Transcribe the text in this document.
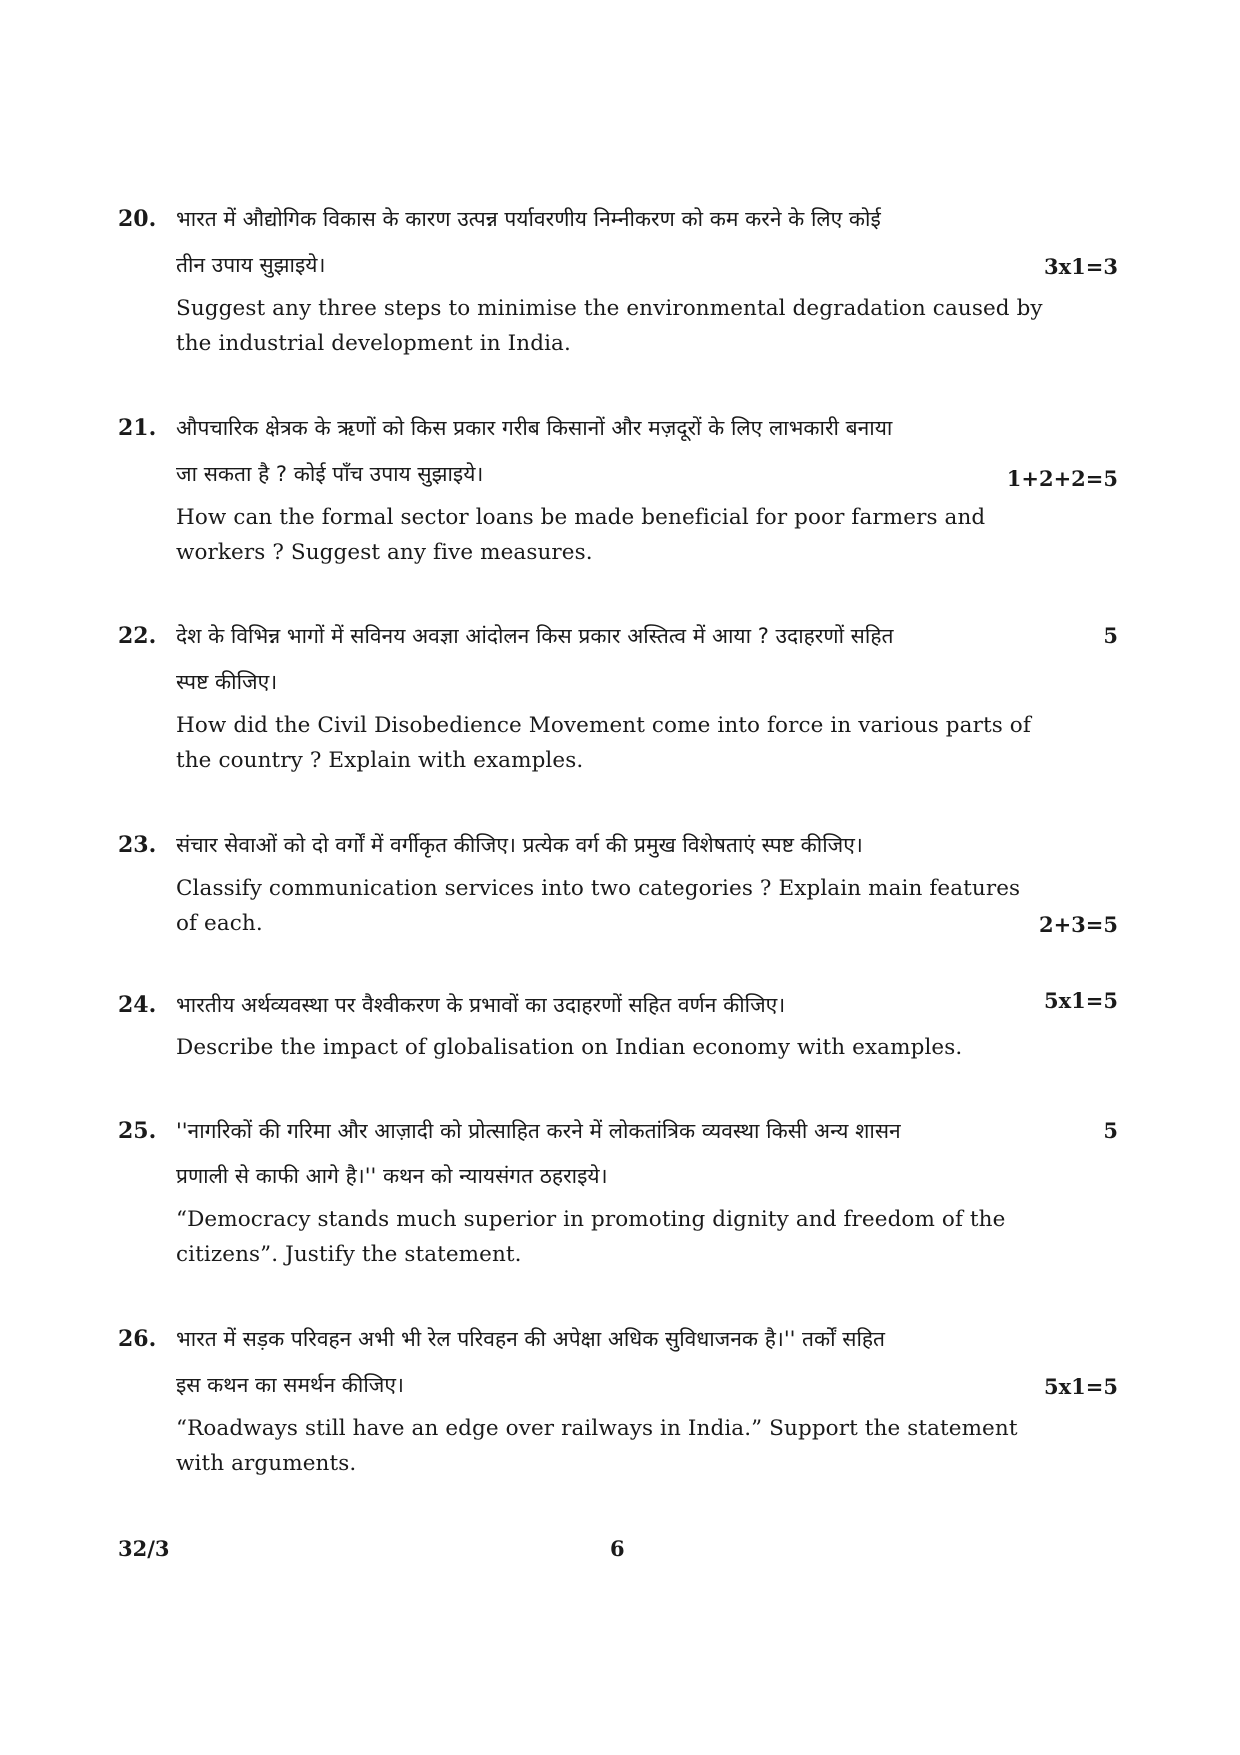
20. भारत में औद्योगिक विकास के कारण उत्पन्न पर्यावरणीय निम्नीकरण को कम करने के लिए कोई
तीन उपाय सुझाइये।	3x1=3
Suggest any three steps to minimise the environmental degradation caused by
the industrial development in India.
21. औपचारिक क्षेत्रक के ऋणों को किस प्रकार गरीब किसानों और मज़दूरों के लिए लाभकारी बनाया
जा सकता है ? कोई पाँच उपाय सुझाइये।	1+2+2=5
How can the formal sector loans be made beneficial for poor farmers and
workers ? Suggest any five measures.
22. देश के विभिन्न भागों में सविनय अवज्ञा आंदोलन किस प्रकार अस्तित्व में आया ? उदाहरणों सहित	5
स्पष्ट कीजिए।
How did the Civil Disobedience Movement come into force in various parts of
the country ? Explain with examples.
23. संचार सेवाओं को दो वर्गों में वर्गीकृत कीजिए। प्रत्येक वर्ग की प्रमुख विशेषताएं स्पष्ट कीजिए।
Classify communication services into two categories ? Explain main features
of each.	2+3=5
24. भारतीय अर्थव्यवस्था पर वैश्वीकरण के प्रभावों का उदाहरणों सहित वर्णन कीजिए।	5x1=5
Describe the impact of globalisation on Indian economy with examples.
25. ''नागरिकों की गरिमा और आज़ादी को प्रोत्साहित करने में लोकतांत्रिक व्यवस्था किसी अन्य शासन	5
प्रणाली से काफी आगे है।'' कथन को न्यायसंगत ठहराइये।
“Democracy stands much superior in promoting dignity and freedom of the
citizens”. Justify the statement.
26. भारत में सड़क परिवहन अभी भी रेल परिवहन की अपेक्षा अधिक सुविधाजनक है।'' तर्कों सहित
इस कथन का समर्थन कीजिए।	5x1=5
“Roadways still have an edge over railways in India.” Support the statement
with arguments.
32/3	6
